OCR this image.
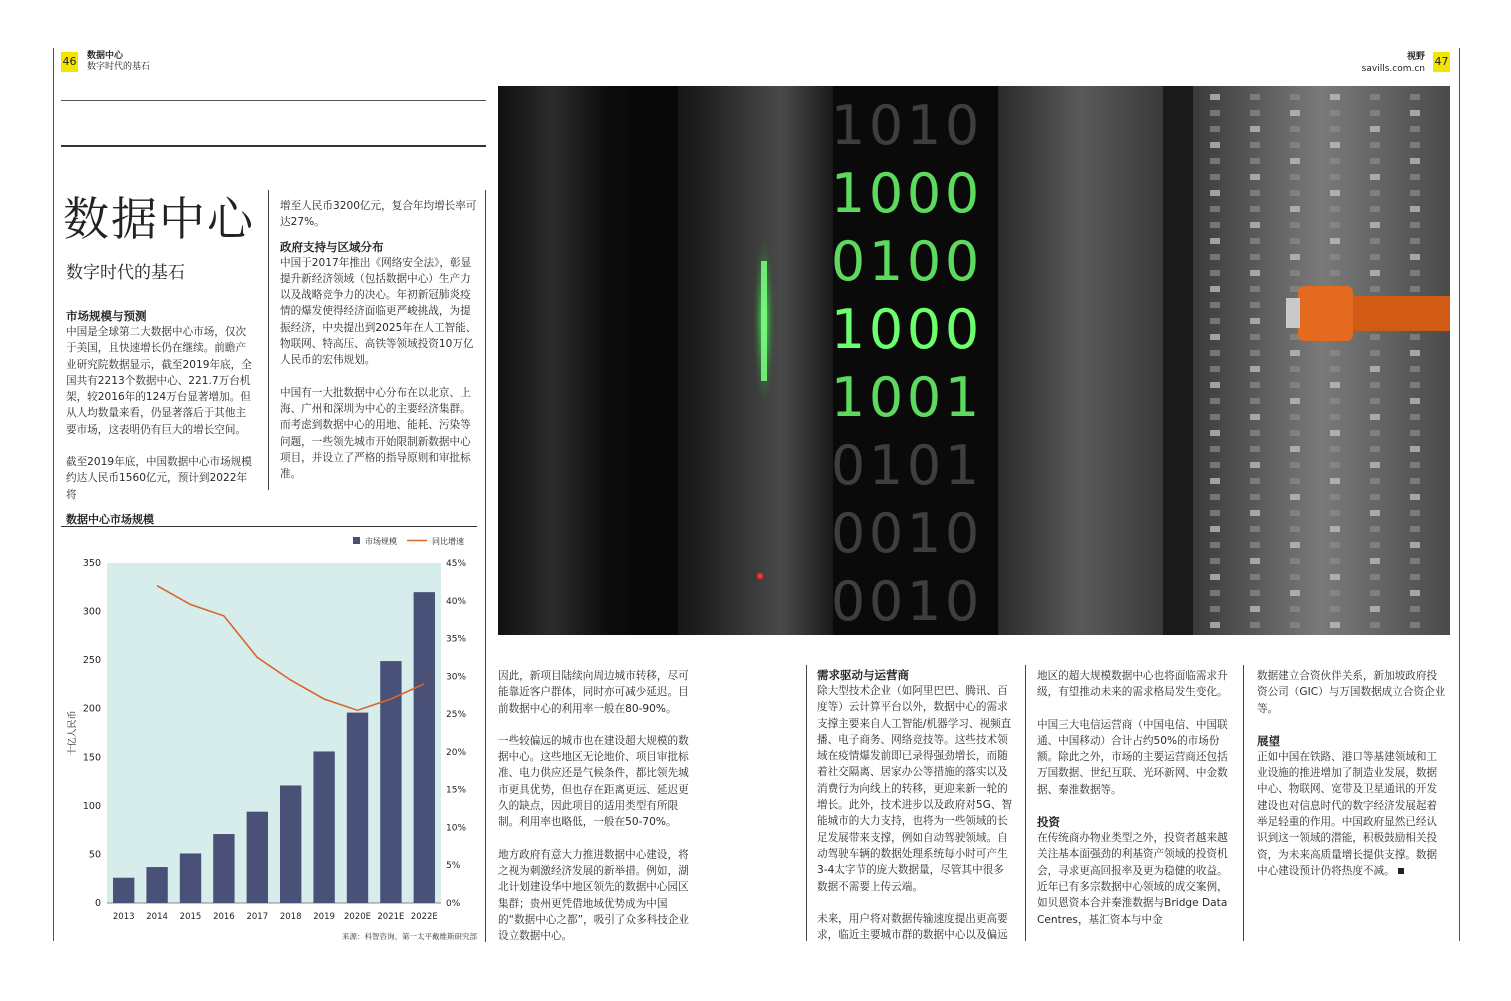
46 数据中心
数字时代的基石
视野
savills.com.cn
47
数据中心
数字时代的基石
市场规模与预测

中国是全球第二大数据中心市场，仅次于美国，且快速增长仍在继续。前瞻产业研究院数据显示，截至2019年底，全国共有2213个数据中心、221.7万台机架，较2016年的124万台显著增加。但从人均数量来看，仍显著落后于其他主要市场，这表明仍有巨大的增长空间。

截至2019年底，中国数据中心市场规模约达人民币1560亿元，预计到2022年将

增至人民币3200亿元，复合年均增长率可达27%。

政府支持与区域分布

中国于2017年推出《网络安全法》，彰显提升新经济领域（包括数据中心）生产力以及战略竞争力的决心。年初新冠肺炎疫情的爆发使得经济面临更严峻挑战，为提振经济，中央提出到2025年在人工智能、物联网、特高压、高铁等领域投资10万亿人民币的宏伟规划。

中国有一大批数据中心分布在以北京、上海、广州和深圳为中心的主要经济集群。而考虑到数据中心的用地、能耗、污染等问题，一些领先城市开始限制新数据中心项目，并设立了严格的指导原则和审批标准。

数据中心市场规模
市场规模	同比增速
0
50
100
150
200
250
300
350
0%
5%
10%
15%
20%
25%
30%
35%
40%
45%
2013 2014 2015 2016 2017 2018 2019 2020E 2021E 2022E
十亿人民币
来源：科智咨询、第一太平戴维斯研究部
1 0 1 0
1 0 0 0
0 1 0 0
1 0 0 0
1 0 0 1
0 1 0 1
0 0 1 0
0 0 1 0

因此，新项目陆续向周边城市转移，尽可能靠近客户群体，同时亦可减少延迟。目前数据中心的利用率一般在80-90%。

一些较偏远的城市也在建设超大规模的数据中心。这些地区无论地价、项目审批标准、电力供应还是气候条件，都比领先城市更具优势，但也存在距离更远、延迟更久的缺点，因此项目的适用类型有所限制。利用率也略低，一般在50-70%。

地方政府有意大力推进数据中心建设，将之视为刺激经济发展的新举措。例如，湖北计划建设华中地区领先的数据中心园区集群；贵州更凭借地域优势成为中国的“数据中心之都”，吸引了众多科技企业设立数据中心。

需求驱动与运营商

除大型技术企业（如阿里巴巴、腾讯、百度等）云计算平台以外，数据中心的需求支撑主要来自人工智能/机器学习、视频直播、电子商务、网络竞技等。这些技术领域在疫情爆发前即已录得强劲增长，而随着社交隔离、居家办公等措施的落实以及消费行为向线上的转移，更迎来新一轮的增长。此外，技术进步以及政府对5G、智能城市的大力支持，也将为一些领域的长足发展带来支撑，例如自动驾驶领域。自动驾驶车辆的数据处理系统每小时可产生3-4太字节的庞大数据量，尽管其中很多数据不需要上传云端。

未来，用户将对数据传输速度提出更高要求，临近主要城市群的数据中心以及偏远

地区的超大规模数据中心也将面临需求升级，有望推动未来的需求格局发生变化。

中国三大电信运营商（中国电信、中国联通、中国移动）合计占约50%的市场份额。除此之外，市场的主要运营商还包括万国数据、世纪互联、光环新网、中金数据、秦淮数据等。

投资

在传统商办物业类型之外，投资者越来越关注基本面强劲的利基资产领域的投资机会，寻求更高回报率及更为稳健的收益。近年已有多宗数据中心领域的成交案例，如贝恩资本合并秦淮数据与Bridge Data Centres，基汇资本与中金

数据建立合资伙伴关系，新加坡政府投资公司（GIC）与万国数据成立合资企业等。

展望

正如中国在铁路、港口等基建领域和工业设施的推进增加了制造业发展，数据中心、物联网、宽带及卫星通讯的开发建设也对信息时代的数字经济发展起着举足轻重的作用。中国政府显然已经认识到这一领域的潜能，积极鼓励相关投资，为未来高质量增长提供支撑。数据中心建设预计仍将热度不减。
